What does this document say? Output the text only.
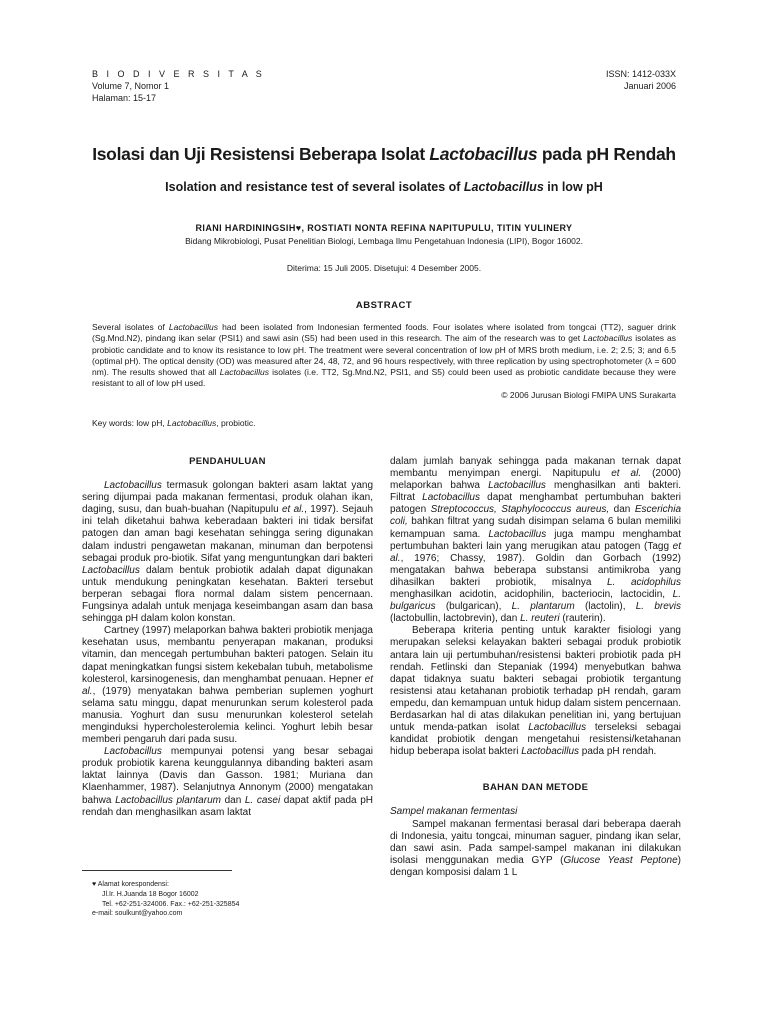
B I O D I V E R S I T A S
Volume 7, Nomor 1
Halaman: 15-17
ISSN: 1412-033X
Januari 2006
Isolasi dan Uji Resistensi Beberapa Isolat Lactobacillus pada pH Rendah
Isolation and resistance test of several isolates of Lactobacillus in low pH
RIANI HARDININGSIH♥, ROSTIATI NONTA REFINA NAPITUPULU, TITIN YULINERY
Bidang Mikrobiologi, Pusat Penelitian Biologi, Lembaga Ilmu Pengetahuan Indonesia (LIPI), Bogor 16002.
Diterima: 15 Juli 2005. Disetujui: 4 Desember 2005.
ABSTRACT

Several isolates of Lactobacillus had been isolated from Indonesian fermented foods. Four isolates where isolated from tongcai (TT2), saguer drink (Sg.Mnd.N2), pindang ikan selar (PSI1) and sawi asin (S5) had been used in this research. The aim of the research was to get Lactobacillus isolates as probiotic candidate and to know its resistance to low pH. The treatment were several concentration of low pH of MRS broth medium, i.e. 2; 2.5; 3; and 6.5 (optimal pH). The optical density (OD) was measured after 24, 48, 72, and 96 hours respectively, with three replication by using spectrophotometer (λ = 600 nm). The results showed that all Lactobacillus isolates (i.e. TT2, Sg.Mnd.N2, PSI1, and S5) could been used as probiotic candidate because they were resistant to all of low pH used.

© 2006 Jurusan Biologi FMIPA UNS Surakarta

Key words: low pH, Lactobacillus, probiotic.
PENDAHULUAN

Lactobacillus termasuk golongan bakteri asam laktat yang sering dijumpai pada makanan fermentasi, produk olahan ikan, daging, susu, dan buah-buahan (Napitupulu et al., 1997). Sejauh ini telah diketahui bahwa keberadaan bakteri ini tidak bersifat patogen dan aman bagi kesehatan sehingga sering digunakan dalam industri pengawetan makanan, minuman dan berpotensi sebagai produk pro-biotik. Sifat yang menguntungkan dari bakteri Lactobacillus dalam bentuk probiotik adalah dapat digunakan untuk mendukung peningkatan kesehatan. Bakteri tersebut berperan sebagai flora normal dalam sistem pencernaan. Fungsinya adalah untuk menjaga keseimbangan asam dan basa sehingga pH dalam kolon konstan.

Cartney (1997) melaporkan bahwa bakteri probiotik menjaga kesehatan usus, membantu penyerapan makanan, produksi vitamin, dan mencegah pertumbuhan bakteri patogen. Selain itu dapat meningkatkan fungsi sistem kekebalan tubuh, metabolisme kolesterol, karsinogenesis, dan menghambat penuaan. Hepner et al., (1979) menyatakan bahwa pemberian suplemen yoghurt selama satu minggu, dapat menurunkan serum kolesterol pada manusia. Yoghurt dan susu menurunkan kolesterol setelah menginduksi hypercholesterolemia kelinci. Yoghurt lebih besar memberi pengaruh dari pada susu.

Lactobacillus mempunyai potensi yang besar sebagai produk probiotik karena keunggulannya dibanding bakteri asam laktat lainnya (Davis dan Gasson. 1981; Muriana dan Klaenhammer, 1987). Selanjutnya Annonym (2000) mengatakan bahwa Lactobacillus plantarum dan L. casei dapat aktif pada pH rendah dan menghasilkan asam laktat

dalam jumlah banyak sehingga pada makanan ternak dapat membantu menyimpan energi. Napitupulu et al. (2000) melaporkan bahwa Lactobacillus menghasilkan anti bakteri. Filtrat Lactobacillus dapat menghambat pertumbuhan bakteri patogen Streptococcus, Staphylococcus aureus, dan Escerichia coli, bahkan filtrat yang sudah disimpan selama 6 bulan memiliki kemampuan sama. Lactobacillus juga mampu menghambat pertumbuhan bakteri lain yang merugikan atau patogen (Tagg et al., 1976; Chassy, 1987). Goldin dan Gorbach (1992) mengatakan bahwa beberapa substansi antimikroba yang dihasilkan bakteri probiotik, misalnya L. acidophilus menghasilkan acidotin, acidophilin, bacteriocin, lactocidin, L. bulgaricus (bulgarican), L. plantarum (lactolin), L. brevis (lactobullin, lactobrevin), dan L. reuteri (rauterin).

Beberapa kriteria penting untuk karakter fisiologi yang merupakan seleksi kelayakan bakteri sebagai produk probiotik antara lain uji pertumbuhan/resistensi bakteri probiotik pada pH rendah. Fetlinski dan Stepaniak (1994) menyebutkan bahwa dapat tidaknya suatu bakteri sebagai probiotik tergantung resistensi atau ketahanan probiotik terhadap pH rendah, garam empedu, dan kemampuan untuk hidup dalam sistem pencernaan. Berdasarkan hal di atas dilakukan penelitian ini, yang bertujuan untuk menda-patkan isolat Lactobacillus terseleksi sebagai kandidat probiotik dengan mengetahui resistensi/ketahanan hidup beberapa isolat bakteri Lactobacillus pada pH rendah.

BAHAN DAN METODE

Sampel makanan fermentasi

Sampel makanan fermentasi berasal dari beberapa daerah di Indonesia, yaitu tongcai, minuman saguer, pindang ikan selar, dan sawi asin. Pada sampel-sampel makanan ini dilakukan isolasi menggunakan media GYP (Glucose Yeast Peptone) dengan komposisi dalam 1 L

♥ Alamat korespondensi:
Jl.Ir. H.Juanda 18 Bogor 16002
Tel. +62-251-324006. Fax.: +62-251-325854
e-mail: soulkunt@yahoo.com
